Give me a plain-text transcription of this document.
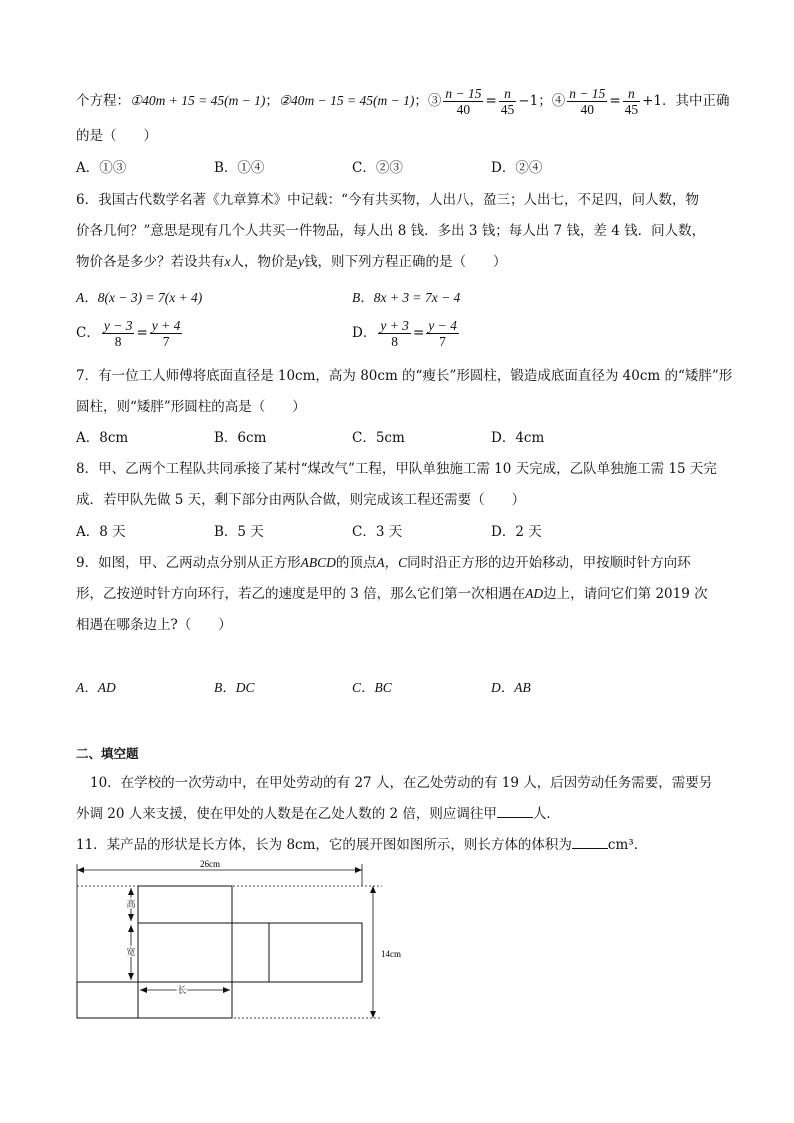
个方程：①40m + 15 = 45(m − 1)；②40m − 15 = 45(m − 1)；③ $\frac{n - 15}{40} = \frac{n}{45} -1$；④ $\frac{n - 15}{40} = \frac{n}{45} +1$．其中正确
的是（　　）
A．①③	B．①④	C．②③	D．②④
6．我国古代数学名著《九章算术》中记载：“今有共买物，人出八，盈三；人出七，不足四，问人数，物
价各几何？”意思是现有几个人共买一件物品，每人出 8 钱．多出 3 钱；每人出 7 钱，差 4 钱．问人数，
物价各是多少？若设共有x人，物价是y钱，则下列方程正确的是（　　）
A．8(x − 3) = 7(x + 4)	B．8x + 3 = 7x − 4
C． $\frac{y - 3}{8} = \frac{y + 4}{7}$	D． $\frac{y + 3}{8} = \frac{y - 4}{7}$
7．有一位工人师傅将底面直径是 10cm，高为 80cm 的“瘦长”形圆柱，锻造成底面直径为 40cm 的“矮胖”形
圆柱，则“矮胖”形圆柱的高是（　　）
A．8cm	B．6cm	C．5cm	D．4cm
8．甲、乙两个工程队共同承接了某村“煤改气”工程，甲队单独施工需 10 天完成，乙队单独施工需 15 天完
成．若甲队先做 5 天，剩下部分由两队合做，则完成该工程还需要（　　）
A．8 天	B．5 天	C．3 天	D．2 天
9．如图，甲、乙两动点分别从正方形ABCD的顶点A，C同时沿正方形的边开始移动，甲按顺时针方向环
形，乙按逆时针方向环行，若乙的速度是甲的 3 倍，那么它们第一次相遇在AD边上，请问它们第 2019 次
相遇在哪条边上?（　　）
A．AD	B．DC	C．BC	D．AB
二、填空题
10．在学校的一次劳动中，在甲处劳动的有 27 人，在乙处劳动的有 19 人，后因劳动任务需要，需要另
外调 20 人来支援，使在甲处的人数是在乙处人数的 2 倍，则应调往甲	人．
11．某产品的形状是长方体，长为 8cm，它的展开图如图所示，则长方体的体积为	cm³．
26cm
14cm
高
宽
长
